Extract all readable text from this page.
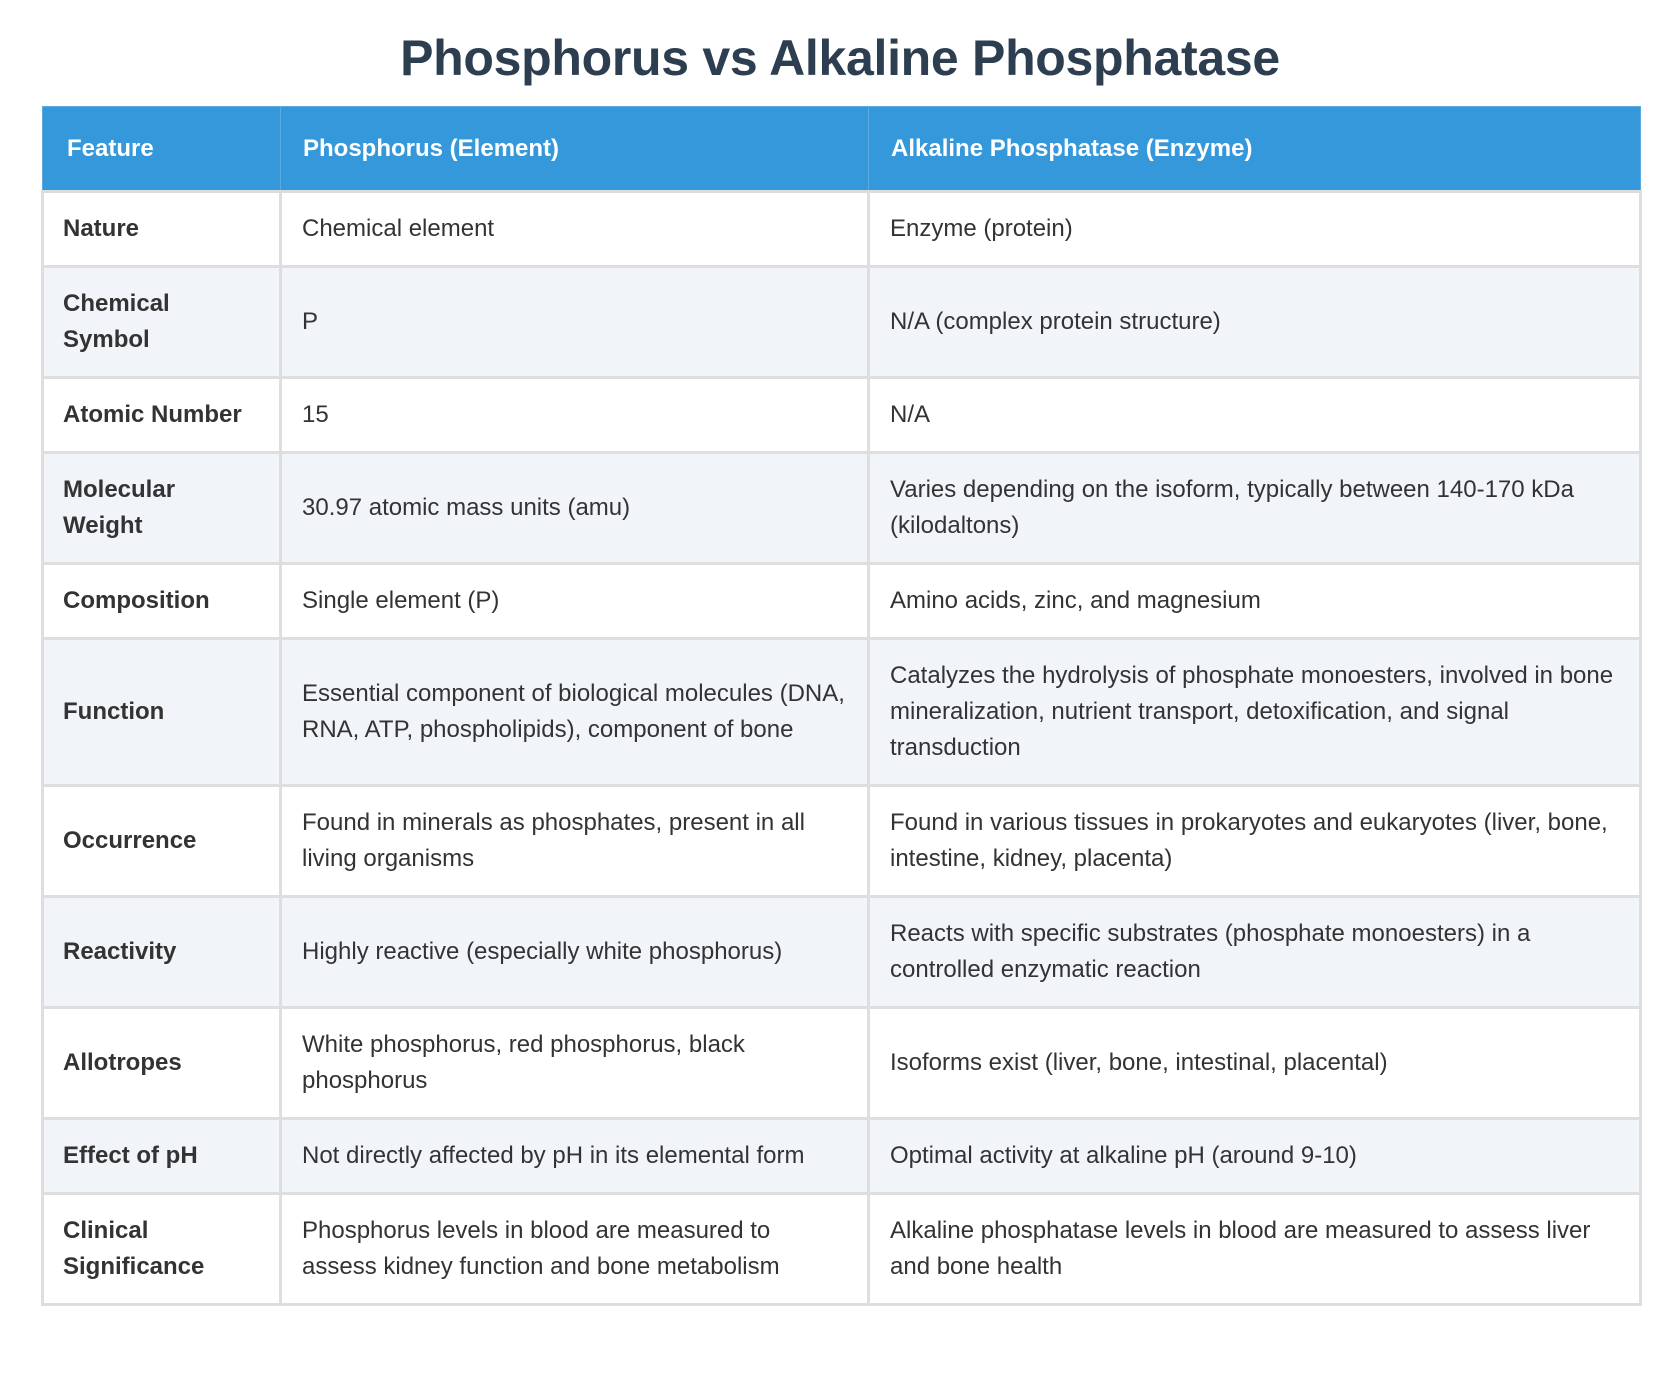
Phosphorus vs Alkaline Phosphatase
Feature	Phosphorus (Element)	Alkaline Phosphatase (Enzyme)
Nature	Chemical element	Enzyme (protein)
Chemical Symbol	P	N/A (complex protein structure)
Atomic Number	15	N/A
Molecular Weight	30.97 atomic mass units (amu)	Varies depending on the isoform, typically between 140-170 kDa (kilodaltons)
Composition	Single element (P)	Amino acids, zinc, and magnesium
Function	Essential component of biological molecules (DNA, RNA, ATP, phospholipids), component of bone	Catalyzes the hydrolysis of phosphate monoesters, involved in bone mineralization, nutrient transport, detoxification, and signal transduction
Occurrence	Found in minerals as phosphates, present in all living organisms	Found in various tissues in prokaryotes and eukaryotes (liver, bone, intestine, kidney, placenta)
Reactivity	Highly reactive (especially white phosphorus)	Reacts with specific substrates (phosphate monoesters) in a controlled enzymatic reaction
Allotropes	White phosphorus, red phosphorus, black phosphorus	Isoforms exist (liver, bone, intestinal, placental)
Effect of pH	Not directly affected by pH in its elemental form	Optimal activity at alkaline pH (around 9-10)
Clinical Significance	Phosphorus levels in blood are measured to assess kidney function and bone metabolism	Alkaline phosphatase levels in blood are measured to assess liver and bone health
